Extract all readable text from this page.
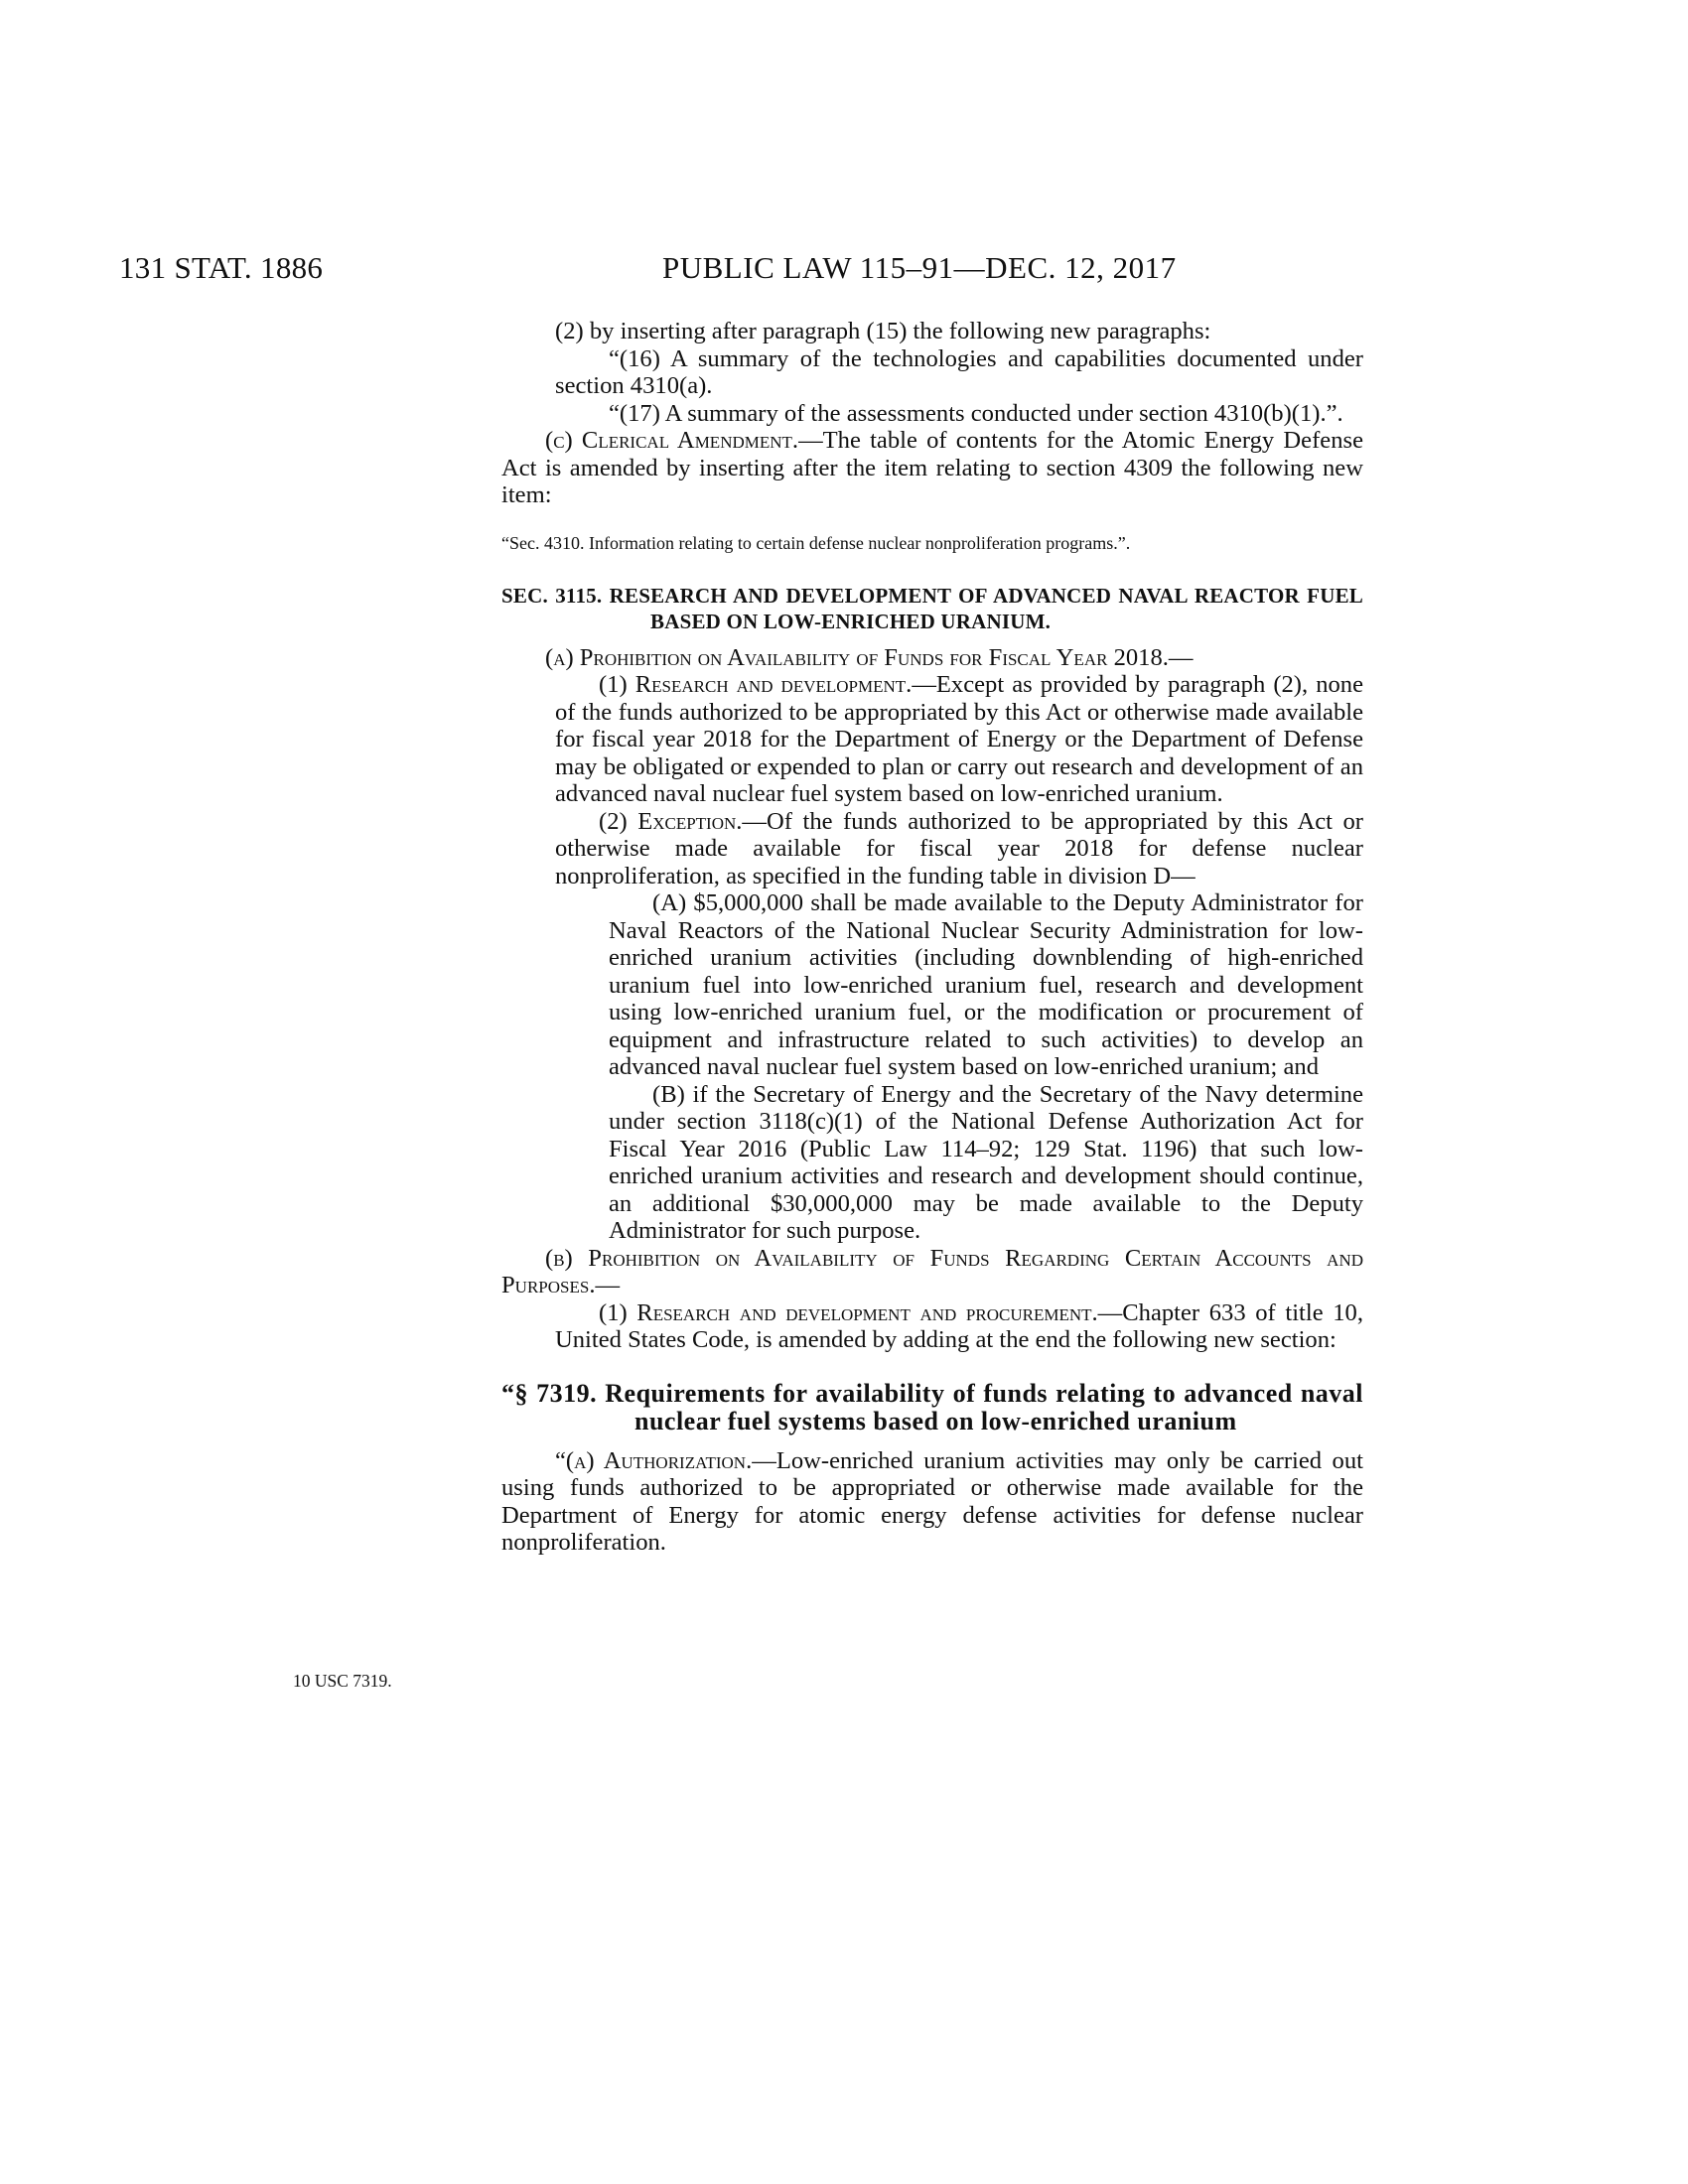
131 STAT. 1886	PUBLIC LAW 115–91—DEC. 12, 2017
10 USC 7319.

(2) by inserting after paragraph (15) the following new paragraphs:

“(16) A summary of the technologies and capabilities documented under section 4310(a).

“(17) A summary of the assessments conducted under section 4310(b)(1).”.

(c) Clerical Amendment.—The table of contents for the Atomic Energy Defense Act is amended by inserting after the item relating to section 4309 the following new item:

“Sec. 4310. Information relating to certain defense nuclear nonproliferation programs.”.

SEC. 3115. RESEARCH AND DEVELOPMENT OF ADVANCED NAVAL REACTOR FUEL BASED ON LOW-ENRICHED URANIUM.

(a) Prohibition on Availability of Funds for Fiscal Year 2018.—

(1) Research and development.—Except as provided by paragraph (2), none of the funds authorized to be appropriated by this Act or otherwise made available for fiscal year 2018 for the Department of Energy or the Department of Defense may be obligated or expended to plan or carry out research and development of an advanced naval nuclear fuel system based on low-enriched uranium.

(2) Exception.—Of the funds authorized to be appropriated by this Act or otherwise made available for fiscal year 2018 for defense nuclear nonproliferation, as specified in the funding table in division D—

(A) $5,000,000 shall be made available to the Deputy Administrator for Naval Reactors of the National Nuclear Security Administration for low-enriched uranium activities (including downblending of high-enriched uranium fuel into low-enriched uranium fuel, research and development using low-enriched uranium fuel, or the modification or procurement of equipment and infrastructure related to such activities) to develop an advanced naval nuclear fuel system based on low-enriched uranium; and

(B) if the Secretary of Energy and the Secretary of the Navy determine under section 3118(c)(1) of the National Defense Authorization Act for Fiscal Year 2016 (Public Law 114–92; 129 Stat. 1196) that such low-enriched uranium activities and research and development should continue, an additional $30,000,000 may be made available to the Deputy Administrator for such purpose.

(b) Prohibition on Availability of Funds Regarding Certain Accounts and Purposes.—

(1) Research and development and procurement.—Chapter 633 of title 10, United States Code, is amended by adding at the end the following new section:

“§ 7319. Requirements for availability of funds relating to advanced naval nuclear fuel systems based on low-enriched uranium

“(a) Authorization.—Low-enriched uranium activities may only be carried out using funds authorized to be appropriated or otherwise made available for the Department of Energy for atomic energy defense activities for defense nuclear nonproliferation.
